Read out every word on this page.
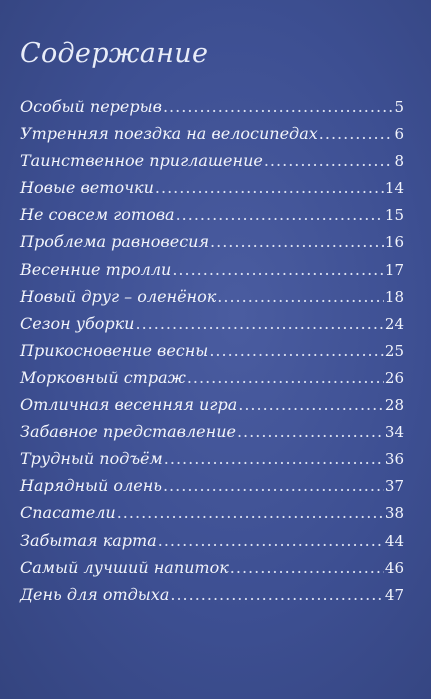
Содержание
Особый перерыв .....	5
Утренняя поездка на велосипедах .....	6
Таинственное приглашение .....	8
Новые веточки .....	14
Не совсем готова .....	15
Проблема равновесия .....	16
Весенние тролли .....	17
Новый друг – оленёнок .....	18
Сезон уборки .....	24
Прикосновение весны .....	25
Морковный страж .....	26
Отличная весенняя игра .....	28
Забавное представление .....	34
Трудный подъём .....	36
Нарядный олень .....	37
Спасатели .....	38
Забытая карта .....	44
Самый лучший напиток .....	46
День для отдыха .....	47
